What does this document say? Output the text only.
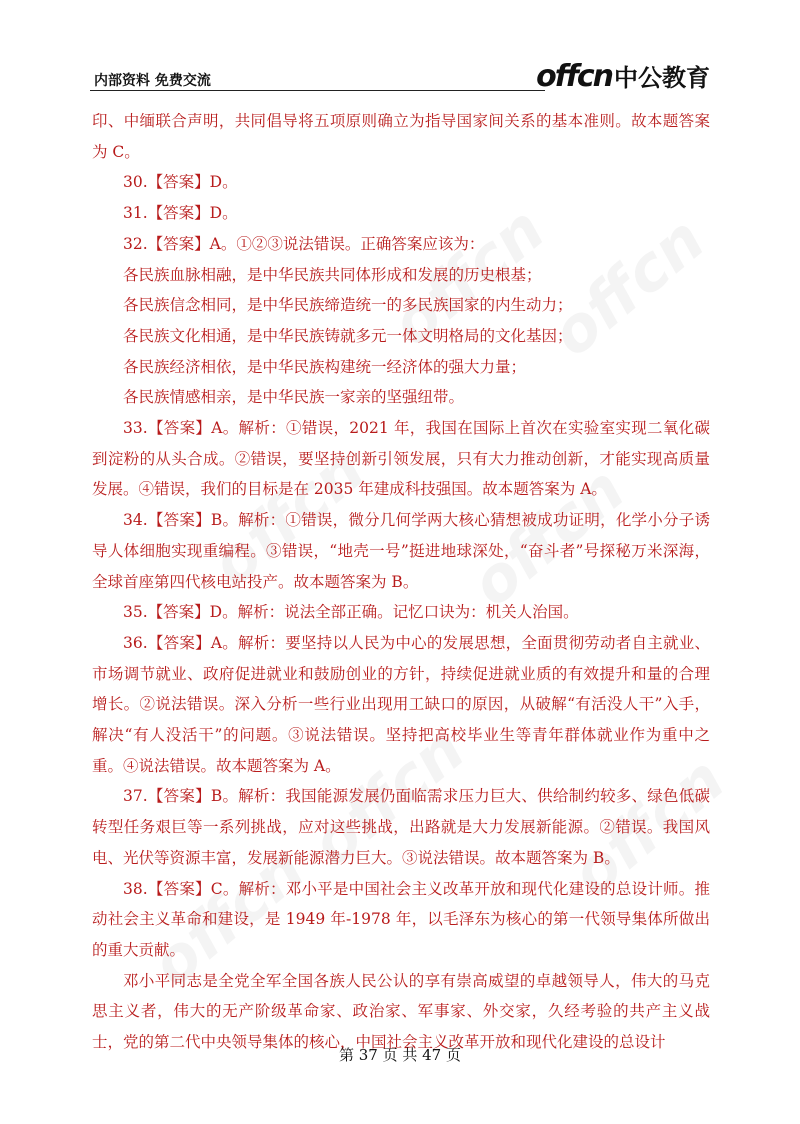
内部资料 免费交流	offcn 中公教育

印、中缅联合声明，共同倡导将五项原则确立为指导国家间关系的基本准则。故本题答案为 C。

30.【答案】D。

31.【答案】D。

32.【答案】A。①②③说法错误。正确答案应该为：

各民族血脉相融，是中华民族共同体形成和发展的历史根基；

各民族信念相同，是中华民族缔造统一的多民族国家的内生动力；

各民族文化相通，是中华民族铸就多元一体文明格局的文化基因；

各民族经济相依，是中华民族构建统一经济体的强大力量；

各民族情感相亲，是中华民族一家亲的坚强纽带。

33.【答案】A。解析：①错误，2021 年，我国在国际上首次在实验室实现二氧化碳到淀粉的从头合成。②错误，要坚持创新引领发展，只有大力推动创新，才能实现高质量发展。④错误，我们的目标是在 2035 年建成科技强国。故本题答案为 A。

34.【答案】B。解析：①错误，微分几何学两大核心猜想被成功证明，化学小分子诱导人体细胞实现重编程。③错误，“地壳一号”挺进地球深处，“奋斗者”号探秘万米深海，全球首座第四代核电站投产。故本题答案为 B。

35.【答案】D。解析：说法全部正确。记忆口诀为：机关人治国。

36.【答案】A。解析：要坚持以人民为中心的发展思想，全面贯彻劳动者自主就业、市场调节就业、政府促进就业和鼓励创业的方针，持续促进就业质的有效提升和量的合理增长。②说法错误。深入分析一些行业出现用工缺口的原因，从破解“有活没人干”入手，解决“有人没活干”的问题。③说法错误。坚持把高校毕业生等青年群体就业作为重中之重。④说法错误。故本题答案为 A。

37.【答案】B。解析：我国能源发展仍面临需求压力巨大、供给制约较多、绿色低碳转型任务艰巨等一系列挑战，应对这些挑战，出路就是大力发展新能源。②错误。我国风电、光伏等资源丰富，发展新能源潜力巨大。③说法错误。故本题答案为 B。

38.【答案】C。解析：邓小平是中国社会主义改革开放和现代化建设的总设计师。推动社会主义革命和建设，是 1949 年-1978 年，以毛泽东为核心的第一代领导集体所做出的重大贡献。

邓小平同志是全党全军全国各族人民公认的享有崇高威望的卓越领导人，伟大的马克思主义者，伟大的无产阶级革命家、政治家、军事家、外交家，久经考验的共产主义战士，党的第二代中央领导集体的核心，中国社会主义改革开放和现代化建设的总设计

第 37 页 共 47 页
